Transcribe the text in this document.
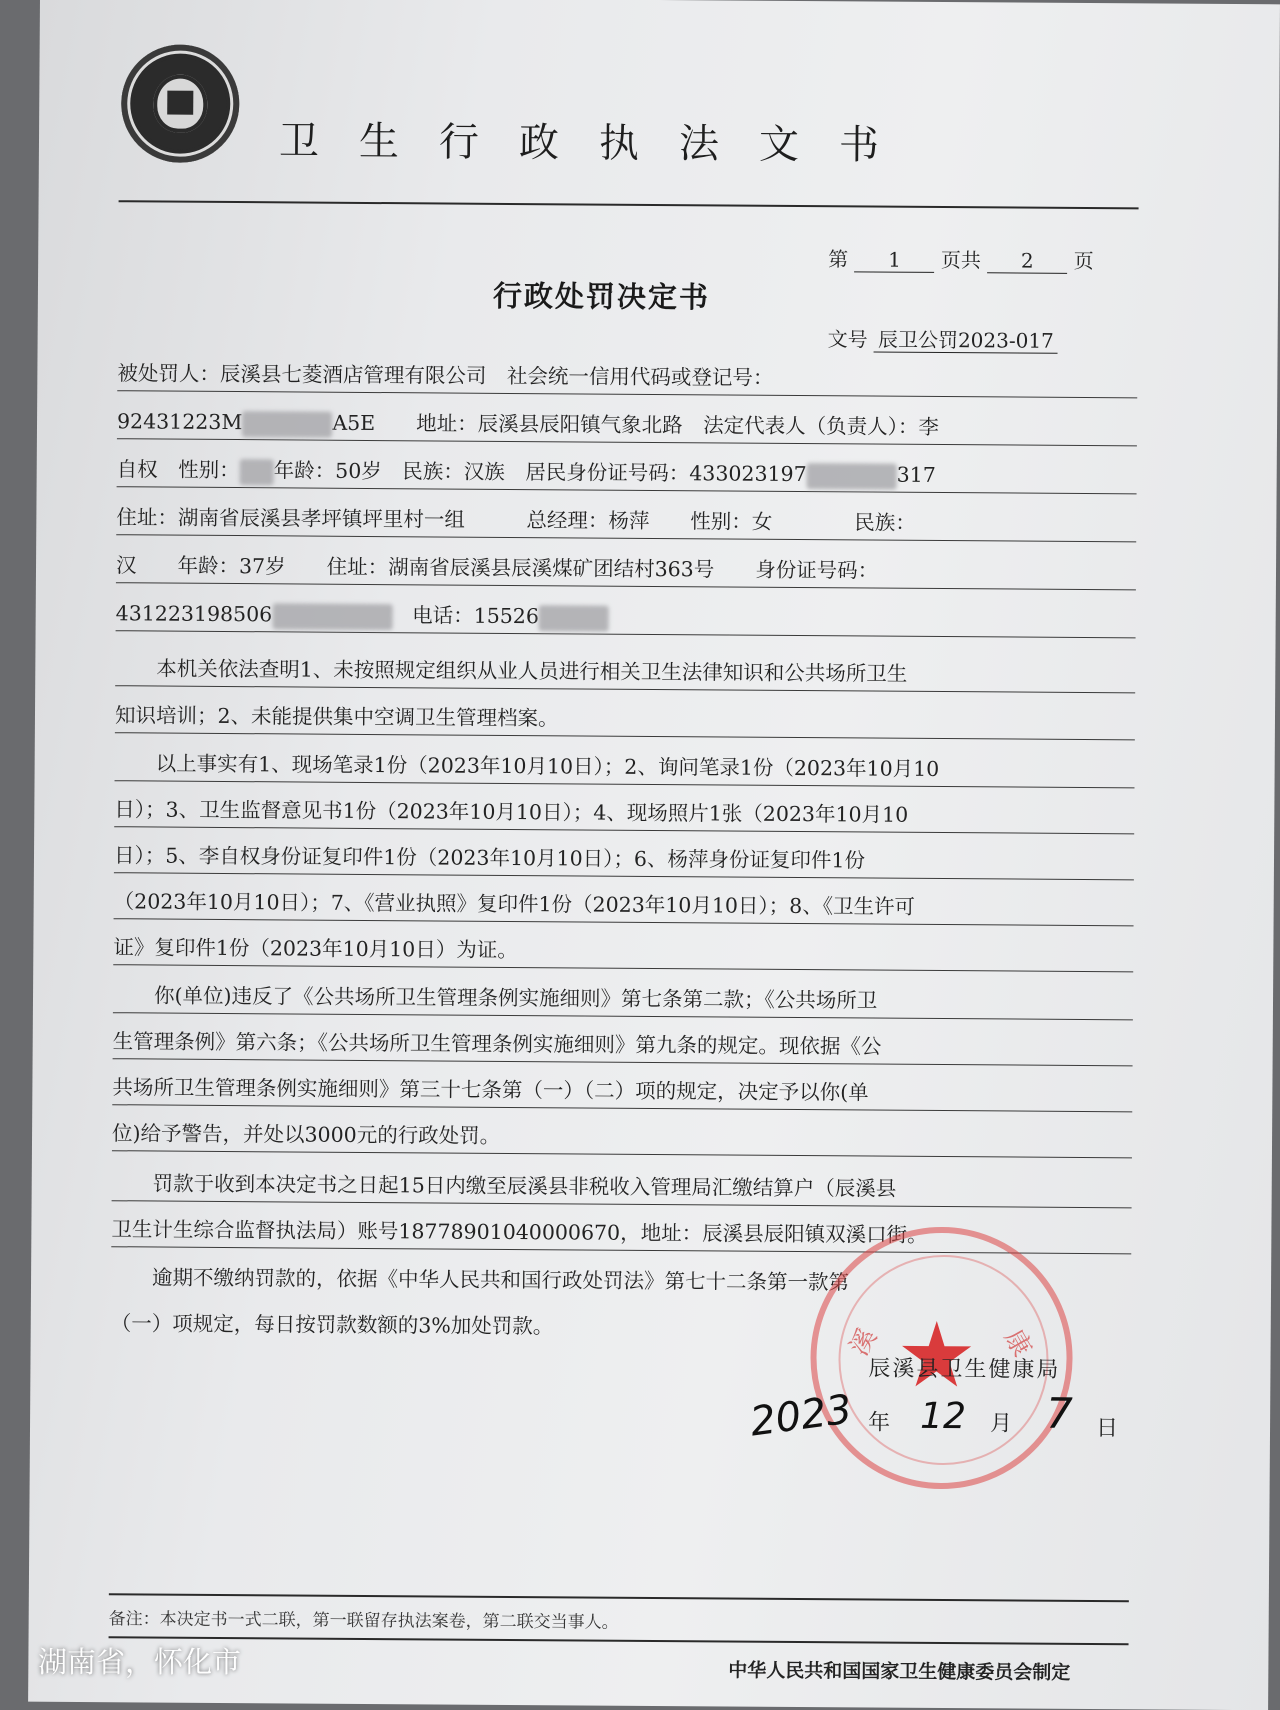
卫生行政执法文书
第 1 页共 2 页
行政处罚决定书
文号 辰卫公罚2023-017
被处罚人：辰溪县七菱酒店管理有限公司　社会统一信用代码或登记号：
92431223M	A5E　　地址：辰溪县辰阳镇气象北路　法定代表人（负责人）：李
自权　性别： 年龄：50岁　民族：汉族　居民身份证号码：433023197	317
住址：湖南省辰溪县孝坪镇坪里村一组　　　总经理：杨萍　　性别：女　　　　民族：
汉　　年龄：37岁　　住址：湖南省辰溪县辰溪煤矿团结村363号　　身份证号码：
431223198506	电话：15526
　　本机关依法查明1、未按照规定组织从业人员进行相关卫生法律知识和公共场所卫生
知识培训；2、未能提供集中空调卫生管理档案。
　　以上事实有1、现场笔录1份（2023年10月10日）；2、询问笔录1份（2023年10月10
日）；3、卫生监督意见书1份（2023年10月10日）；4、现场照片1张（2023年10月10
日）；5、李自权身份证复印件1份（2023年10月10日）；6、杨萍身份证复印件1份
（2023年10月10日）；7、《营业执照》复印件1份（2023年10月10日）；8、《卫生许可
证》复印件1份（2023年10月10日）为证。
　　你(单位)违反了《公共场所卫生管理条例实施细则》第七条第二款；《公共场所卫
生管理条例》第六条；《公共场所卫生管理条例实施细则》第九条的规定。现依据《公
共场所卫生管理条例实施细则》第三十七条第（一）（二）项的规定，决定予以你(单
位)给予警告，并处以3000元的行政处罚。
　　罚款于收到本决定书之日起15日内缴至辰溪县非税收入管理局汇缴结算户（辰溪县
卫生计生综合监督执法局）账号18778901040000670，地址：辰溪县辰阳镇双溪口街。
　　逾期不缴纳罚款的，依据《中华人民共和国行政处罚法》第七十二条第一款第
（一）项规定，每日按罚款数额的3%加处罚款。	溪	康
辰溪县卫生健康局
2023 年 12 月 7 日
备注：本决定书一式二联，第一联留存执法案卷，第二联交当事人。
中华人民共和国国家卫生健康委员会制定
湖南省，怀化市
